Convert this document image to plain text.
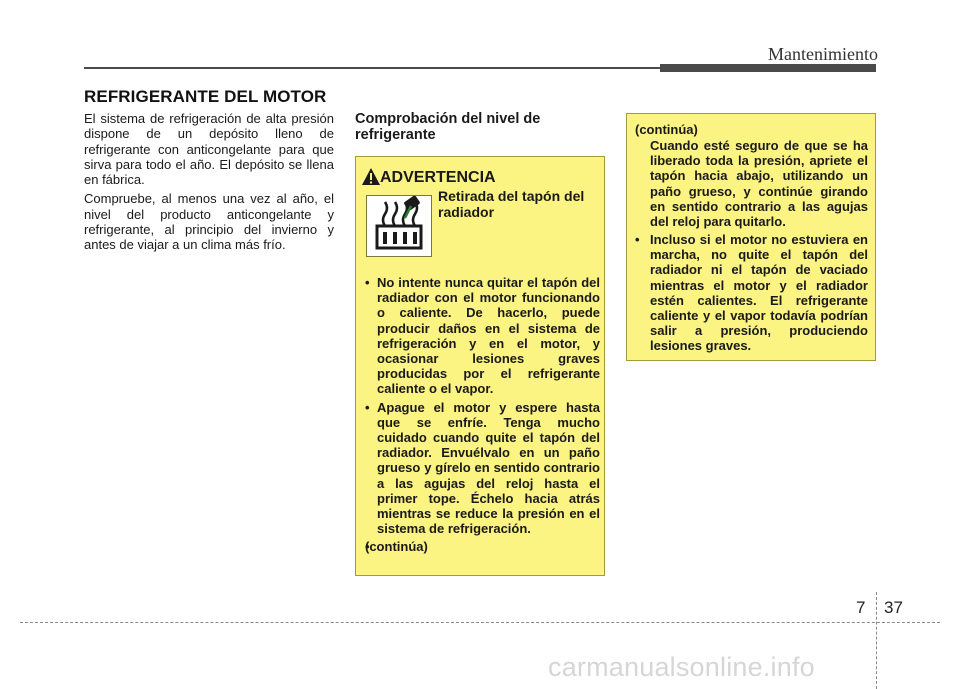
Mantenimiento
REFRIGERANTE DEL MOTOR

El sistema de refrigeración de alta presión dispone de un depósito lleno de refrigerante con anticongelante para que sirva para todo el año. El depósito se llena en fábrica.

Compruebe, al menos una vez al año, el nivel del producto anticongelante y refrigerante, al principio del invierno y antes de viajar a un clima más frío.

Comprobación del nivel de refrigerante
ADVERTENCIA
Retirada del tapón del radiador
• No intente nunca quitar el tapón del radiador con el motor funcionando o caliente. De hacerlo, puede producir daños en el sistema de refrigeración y en el motor, y ocasionar lesiones graves producidas por el refrigerante caliente o el vapor.
• Apague el motor y espere hasta que se enfríe. Tenga mucho cuidado cuando quite el tapón del radiador. Envuélvalo en un paño grueso y gírelo en sentido contrario a las agujas del reloj hasta el primer tope. Échelo hacia atrás mientras se reduce la presión en el sistema de refrigeración.
• (continúa)
(continúa)
Cuando esté seguro de que se ha liberado toda la presión, apriete el tapón hacia abajo, utilizando un paño grueso, y continúe girando en sentido contrario a las agujas del reloj para quitarlo.
• Incluso si el motor no estuviera en marcha, no quite el tapón del radiador ni el tapón de vaciado mientras el motor y el radiador estén calientes. El refrigerante caliente y el vapor todavía podrían salir a presión, produciendo lesiones graves.
7 37
carmanualsonline.info
